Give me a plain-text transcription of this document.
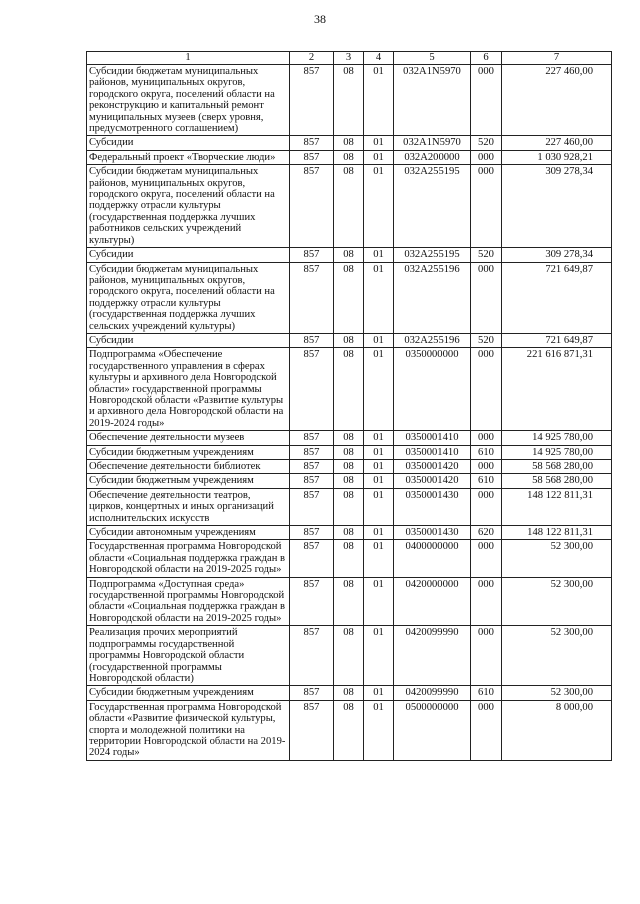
38
1	2	3	4	5	6	7
Субсидии бюджетам муниципальных районов, муниципальных округов, городского округа, поселений области на реконструкцию и капитальный ремонт муниципальных музеев (сверх уровня, предусмотренного соглашением)	857	08	01	032A1N5970	000	227 460,00
Субсидии	857	08	01	032A1N5970	520	227 460,00
Федеральный проект «Творческие люди»	857	08	01	032A200000	000	1 030 928,21
Субсидии бюджетам муниципальных районов, муниципальных округов, городского округа, поселений области на поддержку отрасли культуры (государственная поддержка лучших работников сельских учреждений культуры)	857	08	01	032A255195	000	309 278,34
Субсидии	857	08	01	032A255195	520	309 278,34
Субсидии бюджетам муниципальных районов, муниципальных округов, городского округа, поселений области на поддержку отрасли культуры (государственная поддержка лучших сельских учреждений культуры)	857	08	01	032A255196	000	721 649,87
Субсидии	857	08	01	032A255196	520	721 649,87
Подпрограмма «Обеспечение государственного управления в сферах культуры и архивного дела Новгородской области» государственной программы Новгородской области «Развитие культуры и архивного дела Новгородской области на 2019-2024 годы»	857	08	01	0350000000	000	221 616 871,31
Обеспечение деятельности музеев	857	08	01	0350001410	000	14 925 780,00
Субсидии бюджетным учреждениям	857	08	01	0350001410	610	14 925 780,00
Обеспечение деятельности библиотек	857	08	01	0350001420	000	58 568 280,00
Субсидии бюджетным учреждениям	857	08	01	0350001420	610	58 568 280,00
Обеспечение деятельности театров, цирков, концертных и иных организаций исполнительских искусств	857	08	01	0350001430	000	148 122 811,31
Субсидии автономным учреждениям	857	08	01	0350001430	620	148 122 811,31
Государственная программа Новгородской области «Социальная поддержка граждан в Новгородской области на 2019-2025 годы»	857	08	01	0400000000	000	52 300,00
Подпрограмма «Доступная среда» государственной программы Новгородской области «Социальная поддержка граждан в Новгородской области на 2019-2025 годы»	857	08	01	0420000000	000	52 300,00
Реализация прочих мероприятий подпрограммы государственной программы Новгородской области (государственной программы Новгородской области)	857	08	01	0420099990	000	52 300,00
Субсидии бюджетным учреждениям	857	08	01	0420099990	610	52 300,00
Государственная программа Новгородской области «Развитие физической культуры, спорта и молодежной политики на территории Новгородской области на 2019-2024 годы»	857	08	01	0500000000	000	8 000,00
